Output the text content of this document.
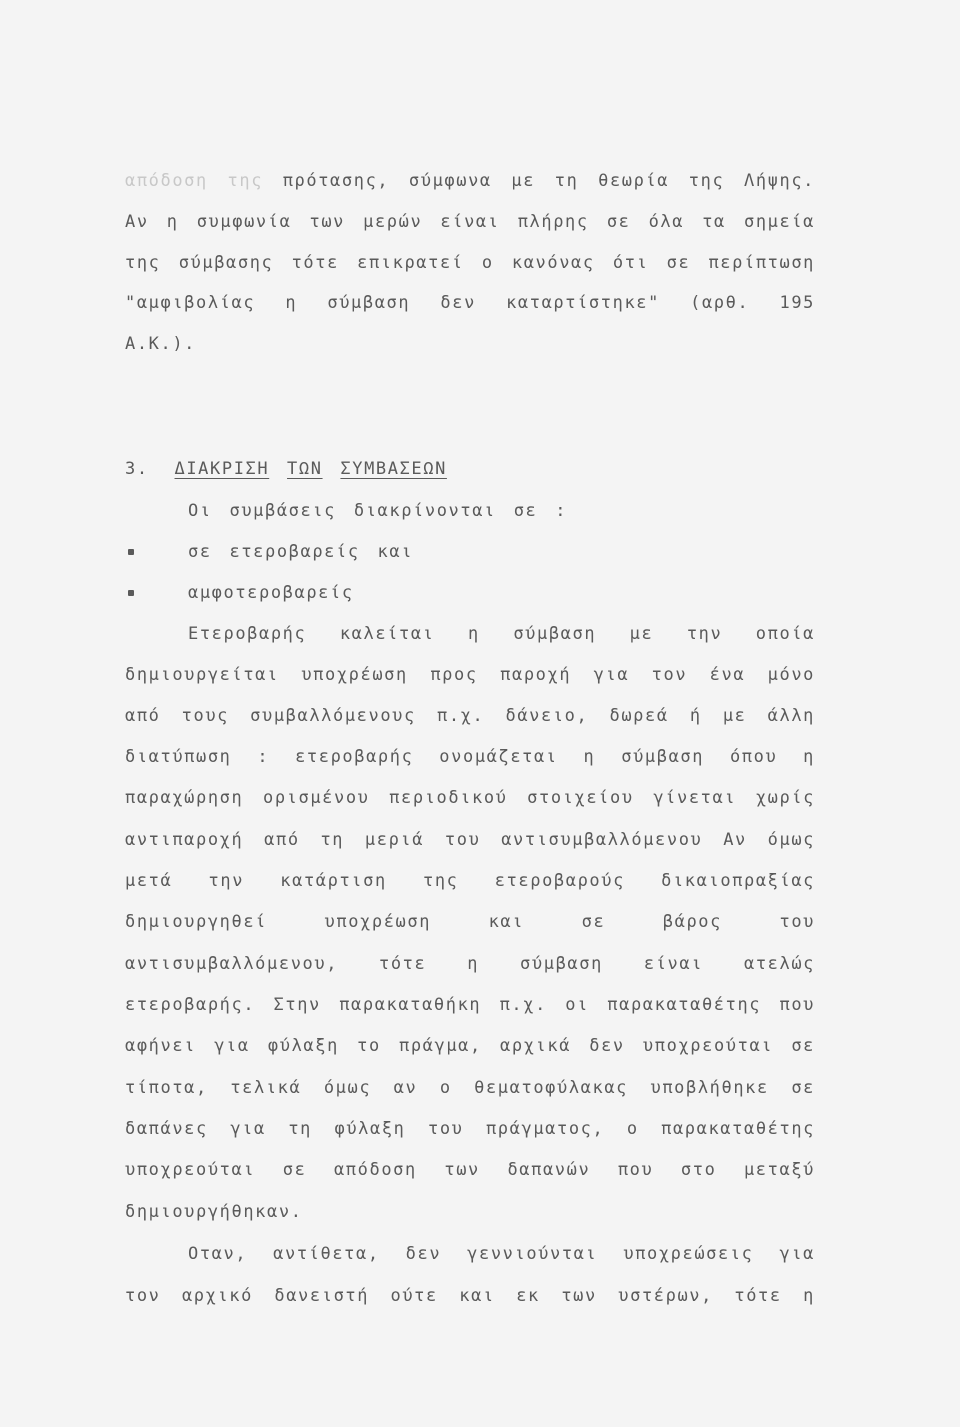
απόδοση της πρότασης, σύμφωνα με τη θεωρία της Λήψης.
Αν η συμφωνία των μερών είναι πλήρης σε όλα τα σημεία
της σύμβασης τότε επικρατεί ο κανόνας ότι σε περίπτωση
"αμφιβολίας η σύμβαση δεν καταρτίστηκε" (αρθ. 195
Α.Κ.).
3. ΔΙΑΚΡΙΣΗ ΤΩΝ ΣΥΜΒΑΣΕΩΝ
Οι συμβάσεις διακρίνονται σε :
σε ετεροβαρείς και
αμφοτεροβαρείς
Ετεροβαρής καλείται η σύμβαση με την οποία
δημιουργείται υποχρέωση προς παροχή για τον ένα μόνο
από τους συμβαλλόμενους π.χ. δάνειο, δωρεά ή με άλλη
διατύπωση : ετεροβαρής ονομάζεται η σύμβαση όπου η
παραχώρηση ορισμένου περιοδικού στοιχείου γίνεται χωρίς
αντιπαροχή από τη μεριά του αντισυμβαλλόμενου Αν όμως
μετά την κατάρτιση της ετεροβαρούς δικαιοπραξίας
δημιουργηθεί υποχρέωση και σε βάρος του
αντισυμβαλλόμενου, τότε η σύμβαση είναι ατελώς
ετεροβαρής. Στην παρακαταθήκη π.χ. οι παρακαταθέτης που
αφήνει για φύλαξη το πράγμα, αρχικά δεν υποχρεούται σε
τίποτα, τελικά όμως αν ο θεματοφύλακας υποβλήθηκε σε
δαπάνες για τη φύλαξη του πράγματος, ο παρακαταθέτης
υποχρεούται σε απόδοση των δαπανών που στο μεταξύ
δημιουργήθηκαν.
Οταν, αντίθετα, δεν γεννιούνται υποχρεώσεις για
τον αρχικό δανειστή ούτε και εκ των υστέρων, τότε η
